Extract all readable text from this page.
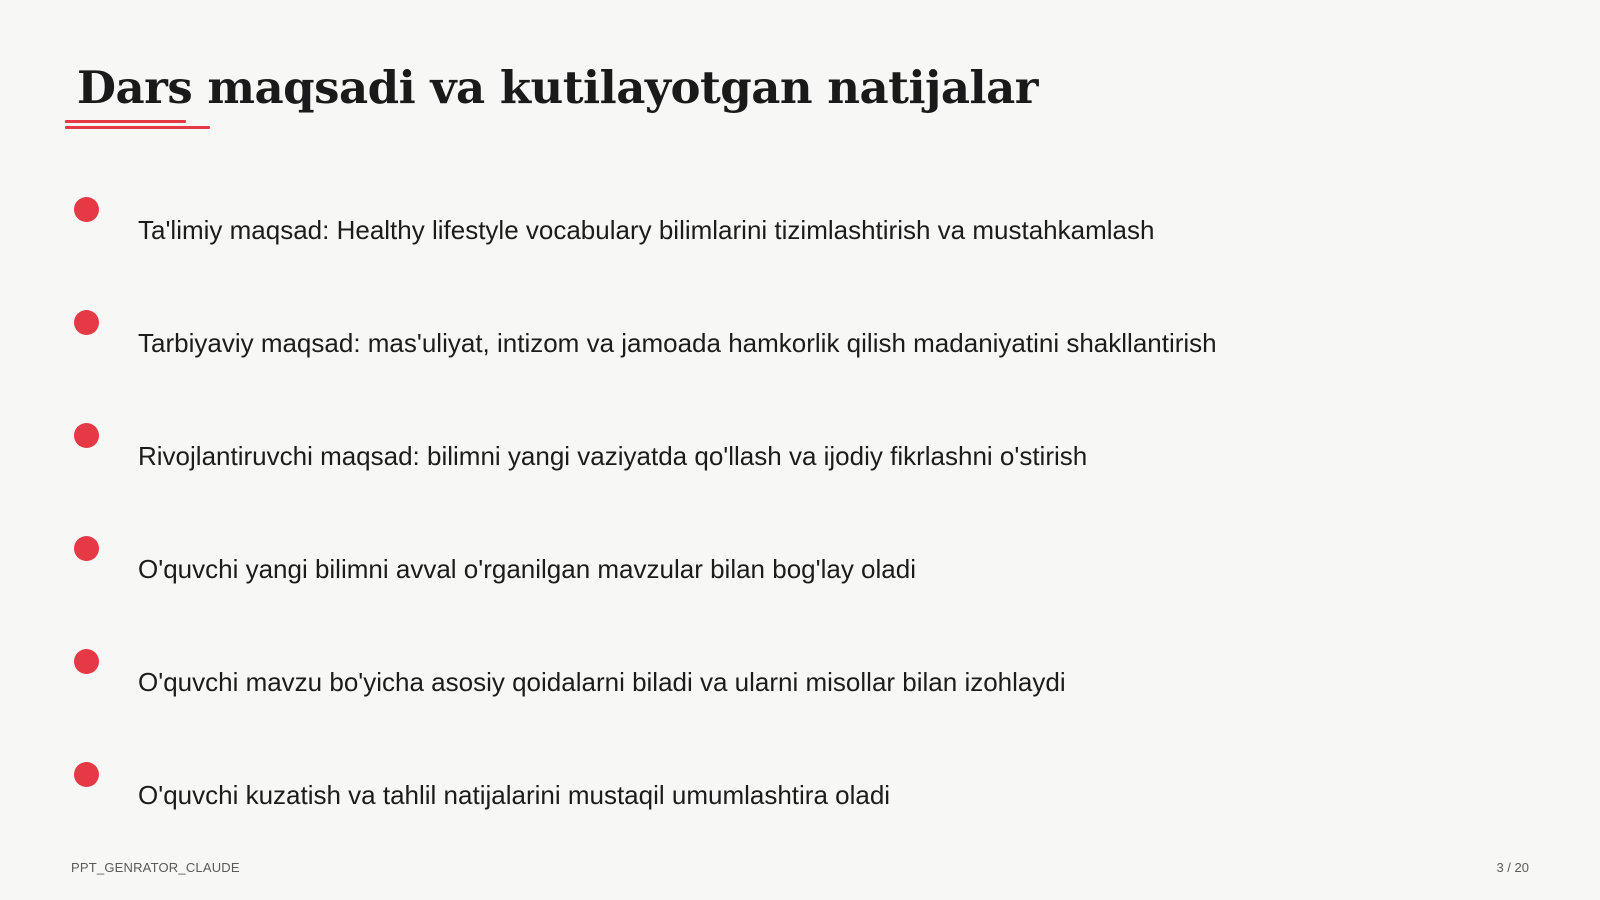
Dars maqsadi va kutilayotgan natijalar
Ta'limiy maqsad: Healthy lifestyle vocabulary bilimlarini tizimlashtirish va mustahkamlash
Tarbiyaviy maqsad: mas'uliyat, intizom va jamoada hamkorlik qilish madaniyatini shakllantirish
Rivojlantiruvchi maqsad: bilimni yangi vaziyatda qo'llash va ijodiy fikrlashni o'stirish
O'quvchi yangi bilimni avval o'rganilgan mavzular bilan bog'lay oladi
O'quvchi mavzu bo'yicha asosiy qoidalarni biladi va ularni misollar bilan izohlaydi
O'quvchi kuzatish va tahlil natijalarini mustaqil umumlashtira oladi
PPT_GENRATOR_CLAUDE	3 / 20
